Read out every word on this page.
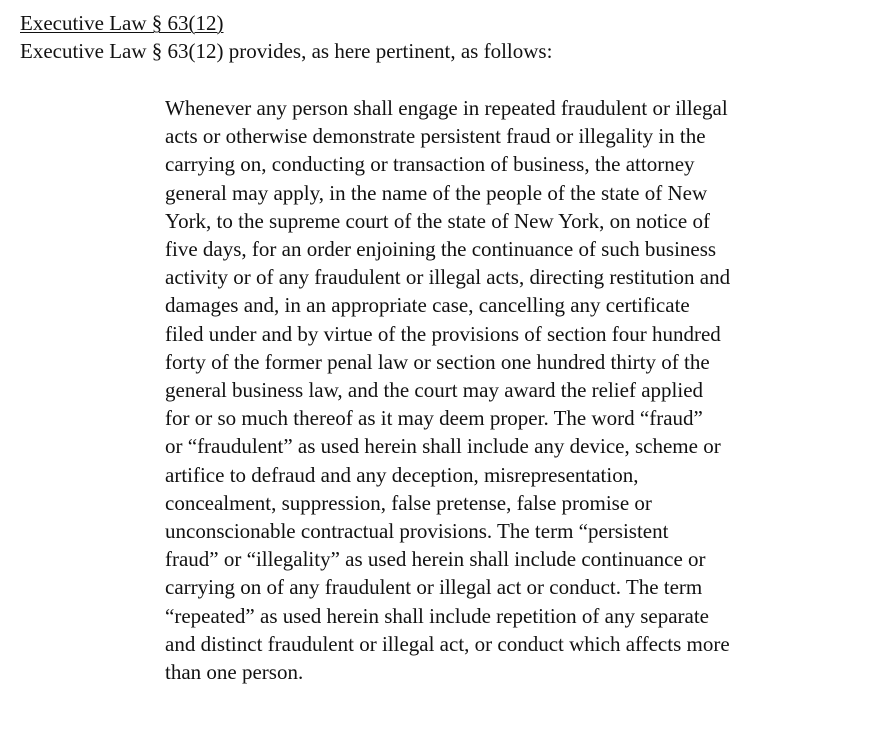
Executive Law § 63(12)
Executive Law § 63(12) provides, as here pertinent, as follows:
Whenever any person shall engage in repeated fraudulent or illegal
acts or otherwise demonstrate persistent fraud or illegality in the
carrying on, conducting or transaction of business, the attorney
general may apply, in the name of the people of the state of New
York, to the supreme court of the state of New York, on notice of
five days, for an order enjoining the continuance of such business
activity or of any fraudulent or illegal acts, directing restitution and
damages and, in an appropriate case, cancelling any certificate
filed under and by virtue of the provisions of section four hundred
forty of the former penal law or section one hundred thirty of the
general business law, and the court may award the relief applied
for or so much thereof as it may deem proper. The word “fraud”
or “fraudulent” as used herein shall include any device, scheme or
artifice to defraud and any deception, misrepresentation,
concealment, suppression, false pretense, false promise or
unconscionable contractual provisions. The term “persistent
fraud” or “illegality” as used herein shall include continuance or
carrying on of any fraudulent or illegal act or conduct. The term
“repeated” as used herein shall include repetition of any separate
and distinct fraudulent or illegal act, or conduct which affects more
than one person.
